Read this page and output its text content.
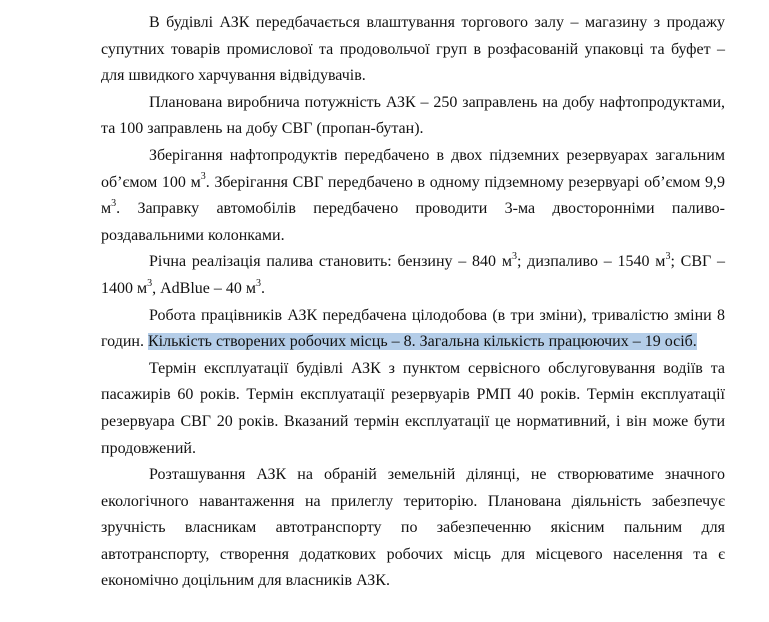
В будівлі АЗК передбачається влаштування торгового залу – магазину з продажу супутних товарів промислової та продовольчої груп в розфасованій упаковці та буфет – для швидкого харчування відвідувачів.

Планована виробнича потужність АЗК – 250 заправлень на добу нафтопродуктами, та 100 заправлень на добу СВГ (пропан-бутан).

Зберігання нафтопродуктів передбачено в двох підземних резервуарах загальним об’ємом 100 $м^3$. Зберігання СВГ передбачено в одному підземному резервуарі об’ємом 9,9 $м^3$. Заправку автомобілів передбачено проводити 3-ма двосторонніми паливо-роздавальними колонками.

Річна реалізація палива становить: бензину – 840 $м^3$; дизпаливо – 1540 $м^3$; СВГ – 1400 $м^3$, AdBlue – 40 $м^3$.

Робота працівників АЗК передбачена цілодобова (в три зміни), тривалістю зміни 8 годин. Кількість створених робочих місць – 8. Загальна кількість працюючих – 19 осіб.

Термін експлуатації будівлі АЗК з пунктом сервісного обслуговування водіїв та пасажирів 60 років. Термін експлуатації резервуарів РМП 40 років. Термін експлуатації резервуара СВГ 20 років. Вказаний термін експлуатації це нормативний, і він може бути продовжений.

Розташування АЗК на обраній земельній ділянці, не створюватиме значного екологічного навантаження на прилеглу територію. Планована діяльність забезпечує зручність власникам автотранспорту по забезпеченню якісним пальним для автотранспорту, створення додаткових робочих місць для місцевого населення та є економічно доцільним для власників АЗК.
